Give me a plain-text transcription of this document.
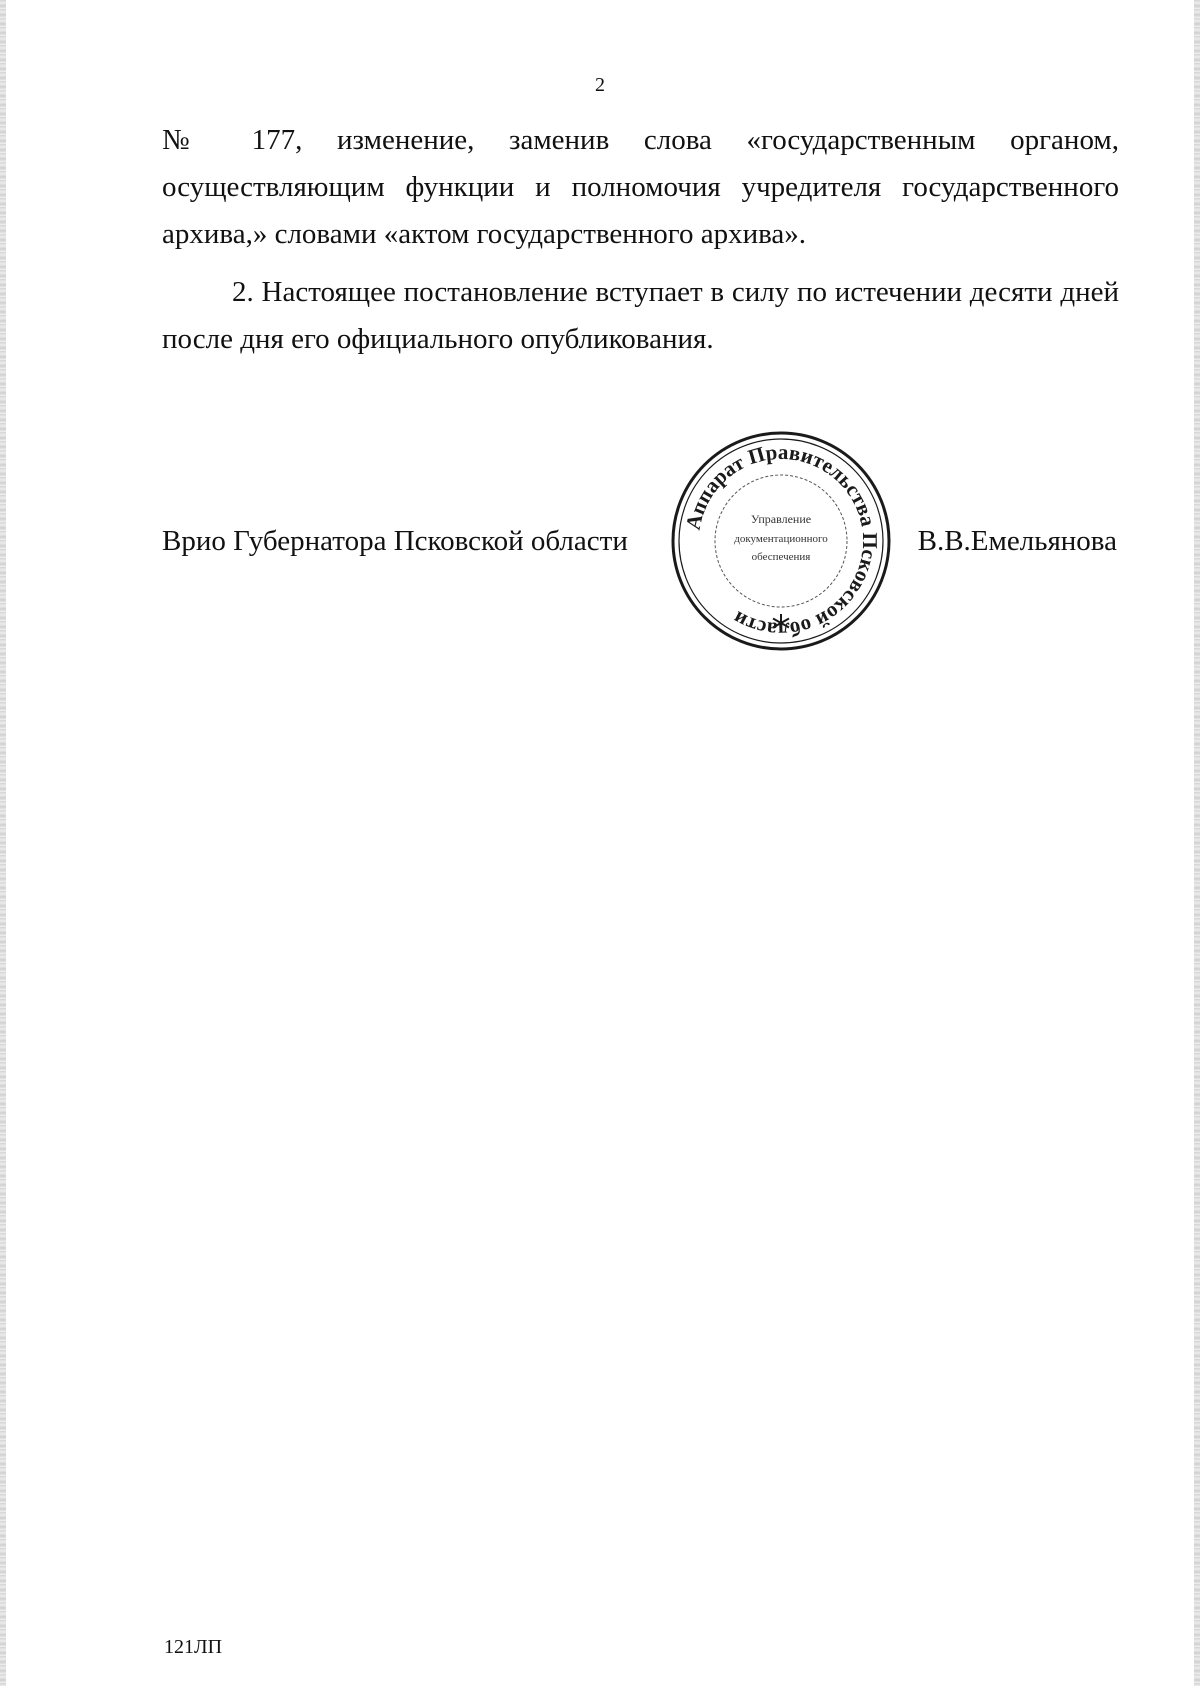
2

№ 177, изменение, заменив слова «государственным органом, осуществляющим функции и полномочия учредителя государственного архива,» словами «актом государственного архива».

2. Настоящее постановление вступает в силу по истечении десяти дней после дня его официального опубликования.

Врио Губернатора Псковской области
Аппарат Правительства Псковской области
Управление
документационного
обеспечения	В.В.Емельянова
121ЛП
